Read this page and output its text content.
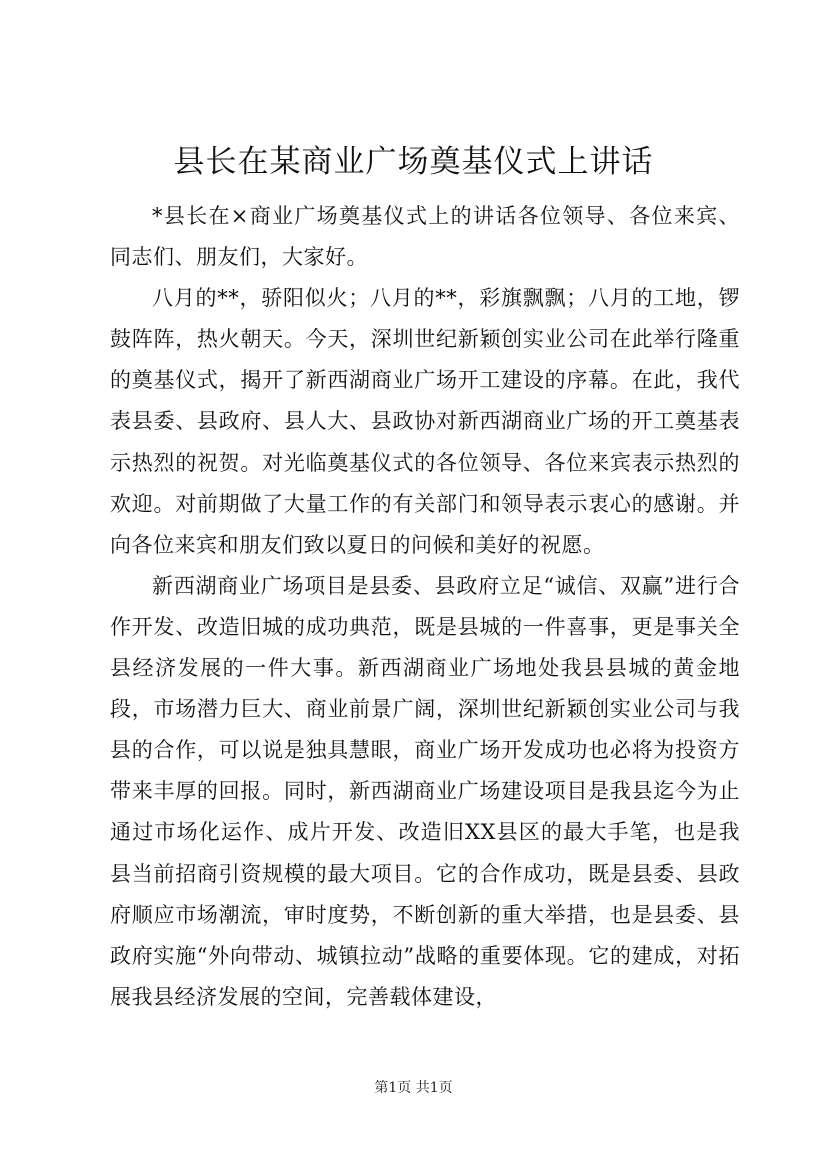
县长在某商业广场奠基仪式上讲话

*县长在×商业广场奠基仪式上的讲话各位领导、各位来宾、同志们、朋友们，大家好。

八月的**，骄阳似火；八月的**，彩旗飘飘；八月的工地，锣鼓阵阵，热火朝天。今天，深圳世纪新颖创实业公司在此举行隆重的奠基仪式，揭开了新西湖商业广场开工建设的序幕。在此，我代表县委、县政府、县人大、县政协对新西湖商业广场的开工奠基表示热烈的祝贺。对光临奠基仪式的各位领导、各位来宾表示热烈的欢迎。对前期做了大量工作的有关部门和领导表示衷心的感谢。并向各位来宾和朋友们致以夏日的问候和美好的祝愿。

新西湖商业广场项目是县委、县政府立足“诚信、双赢”进行合作开发、改造旧城的成功典范，既是县城的一件喜事，更是事关全县经济发展的一件大事。新西湖商业广场地处我县县城的黄金地段，市场潜力巨大、商业前景广阔，深圳世纪新颖创实业公司与我县的合作，可以说是独具慧眼，商业广场开发成功也必将为投资方带来丰厚的回报。同时，新西湖商业广场建设项目是我县迄今为止通过市场化运作、成片开发、改造旧XX县区的最大手笔，也是我县当前招商引资规模的最大项目。它的合作成功，既是县委、县政府顺应市场潮流，审时度势，不断创新的重大举措，也是县委、县政府实施“外向带动、城镇拉动”战略的重要体现。它的建成，对拓展我县经济发展的空间，完善载体建设，

第1页 共1页
